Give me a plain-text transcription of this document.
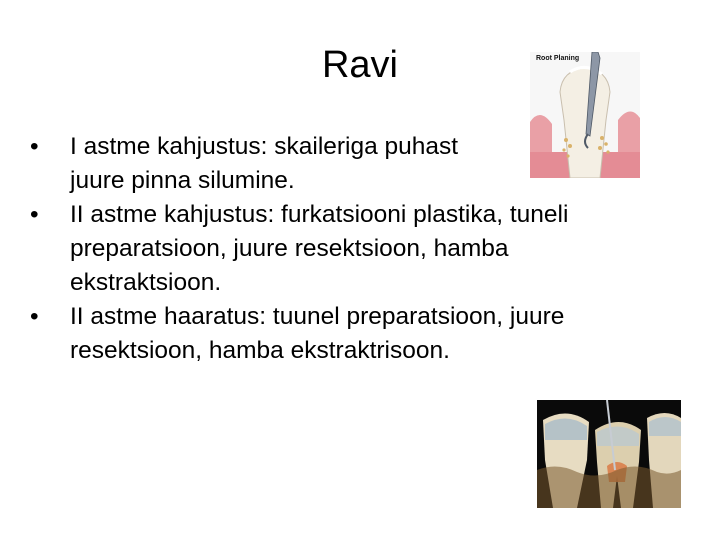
Ravi
• I astme kahjustus: skaileriga puhast
juure pinna silumine.
• II astme kahjustus: furkatsiooni plastika, tuneli
preparatsioon, juure resektsioon, hamba
ekstraktsioon.
• II astme haaratus: tuunel preparatsioon, juure
resektsioon, hamba ekstraktrisoon.
Root Planing
